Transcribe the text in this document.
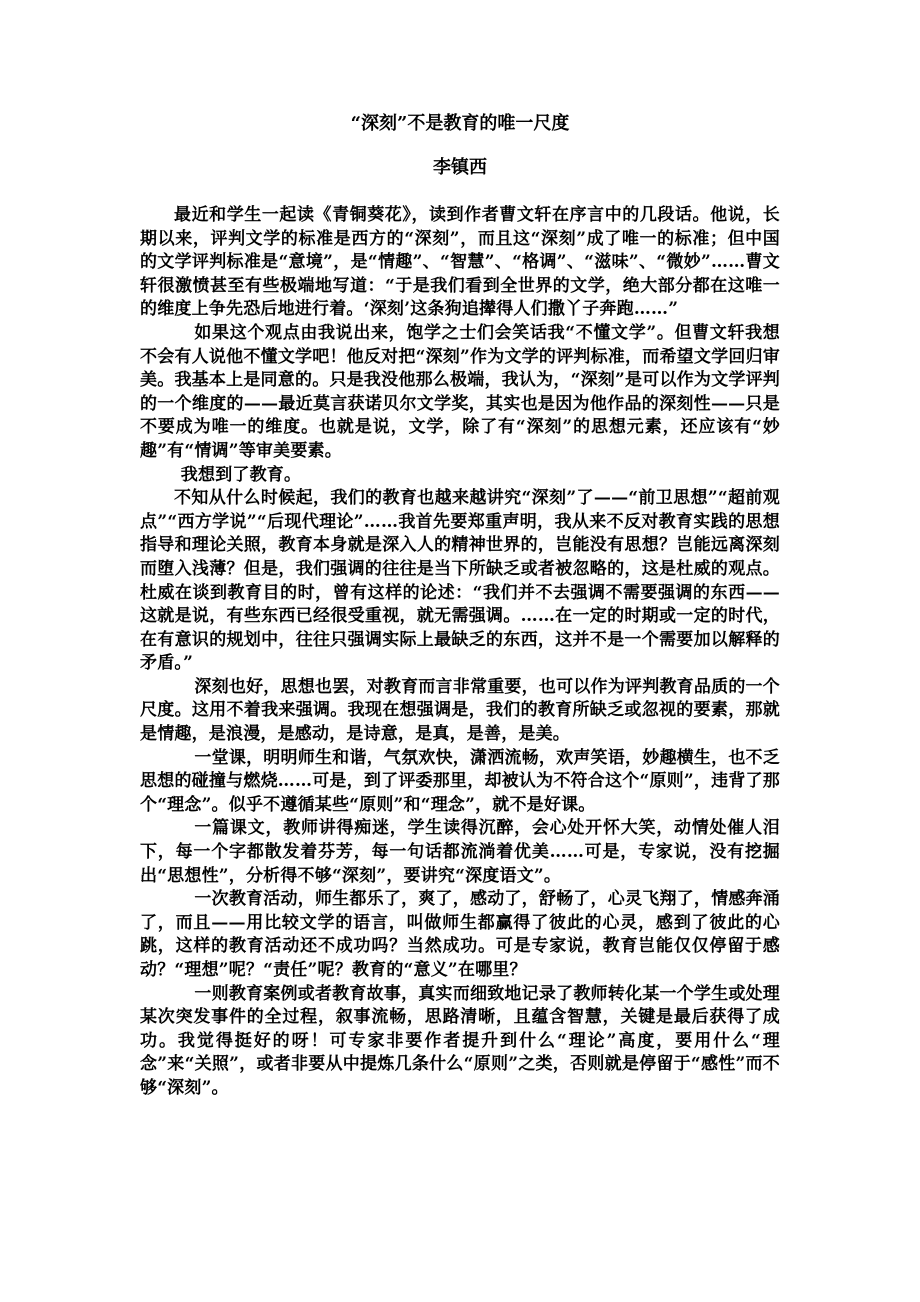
“深刻”不是教育的唯一尺度
李镇西

最近和学生一起读《青铜葵花》，读到作者曹文轩在序言中的几段话。他说，长期以来，评判文学的标准是西方的“深刻”，而且这“深刻”成了唯一的标准；但中国的文学评判标准是“意境”，是“情趣”、“智慧”、“格调”、“滋味”、“微妙”……曹文轩很激愤甚至有些极端地写道：“于是我们看到全世界的文学，绝大部分都在这唯一的维度上争先恐后地进行着。‘深刻’这条狗追撵得人们撒丫子奔跑……”

如果这个观点由我说出来，饱学之士们会笑话我“不懂文学”。但曹文轩我想不会有人说他不懂文学吧！他反对把“深刻”作为文学的评判标准，而希望文学回归审美。我基本上是同意的。只是我没他那么极端，我认为，“深刻”是可以作为文学评判的一个维度的——最近莫言获诺贝尔文学奖，其实也是因为他作品的深刻性——只是不要成为唯一的维度。也就是说，文学，除了有“深刻”的思想元素，还应该有“妙趣”有“情调”等审美要素。

我想到了教育。

不知从什么时候起，我们的教育也越来越讲究“深刻”了——“前卫思想”“超前观点”“西方学说”“后现代理论”……我首先要郑重声明，我从来不反对教育实践的思想指导和理论关照，教育本身就是深入人的精神世界的，岂能没有思想？岂能远离深刻而堕入浅薄？但是，我们强调的往往是当下所缺乏或者被忽略的，这是杜威的观点。杜威在谈到教育目的时，曾有这样的论述：“我们并不去强调不需要强调的东西——这就是说，有些东西已经很受重视，就无需强调。……在一定的时期或一定的时代，在有意识的规划中，往往只强调实际上最缺乏的东西，这并不是一个需要加以解释的矛盾。”

深刻也好，思想也罢，对教育而言非常重要，也可以作为评判教育品质的一个尺度。这用不着我来强调。我现在想强调是，我们的教育所缺乏或忽视的要素，那就是情趣，是浪漫，是感动，是诗意，是真，是善，是美。

一堂课，明明师生和谐，气氛欢快，潇洒流畅，欢声笑语，妙趣横生，也不乏思想的碰撞与燃烧……可是，到了评委那里，却被认为不符合这个“原则”，违背了那个“理念”。似乎不遵循某些“原则”和“理念”，就不是好课。

一篇课文，教师讲得痴迷，学生读得沉醉，会心处开怀大笑，动情处催人泪下，每一个字都散发着芬芳，每一句话都流淌着优美……可是，专家说，没有挖掘出“思想性”，分析得不够“深刻”，要讲究“深度语文”。

一次教育活动，师生都乐了，爽了，感动了，舒畅了，心灵飞翔了，情感奔涌了，而且——用比较文学的语言，叫做师生都赢得了彼此的心灵，感到了彼此的心跳，这样的教育活动还不成功吗？当然成功。可是专家说，教育岂能仅仅停留于感动？“理想”呢？“责任”呢？教育的“意义”在哪里？

一则教育案例或者教育故事，真实而细致地记录了教师转化某一个学生或处理某次突发事件的全过程，叙事流畅，思路清晰，且蕴含智慧，关键是最后获得了成功。我觉得挺好的呀！可专家非要作者提升到什么“理论”高度，要用什么“理念”来“关照”，或者非要从中提炼几条什么“原则”之类，否则就是停留于“感性”而不够“深刻”。
